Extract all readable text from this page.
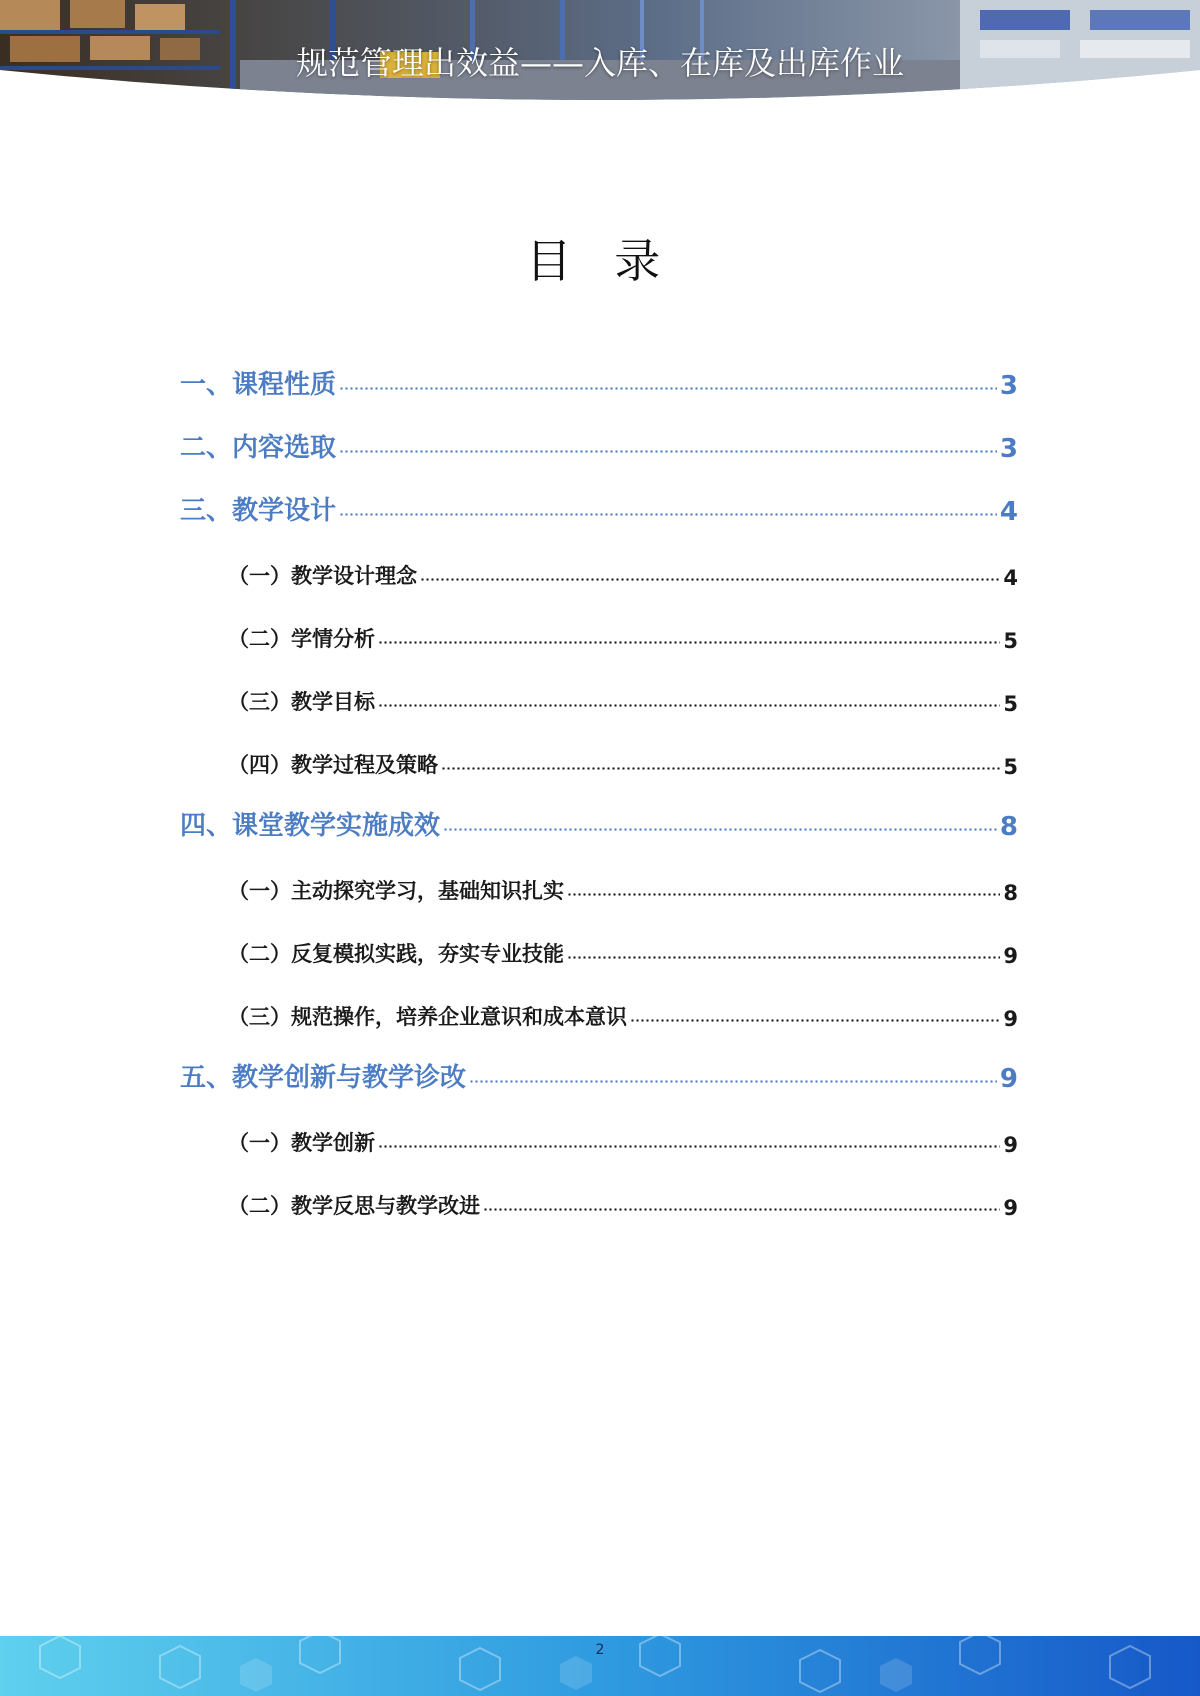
规范管理出效益——入库、在库及出库作业
目 录
一、课程性质	3
二、内容选取	3
三、教学设计	4
（一）教学设计理念	4
（二）学情分析	5
（三）教学目标	5
（四）教学过程及策略	5
四、课堂教学实施成效	8
（一）主动探究学习，基础知识扎实	8
（二）反复模拟实践，夯实专业技能	9
（三）规范操作，培养企业意识和成本意识	9
五、教学创新与教学诊改	9
（一）教学创新	9
（二）教学反思与教学改进	9
2
